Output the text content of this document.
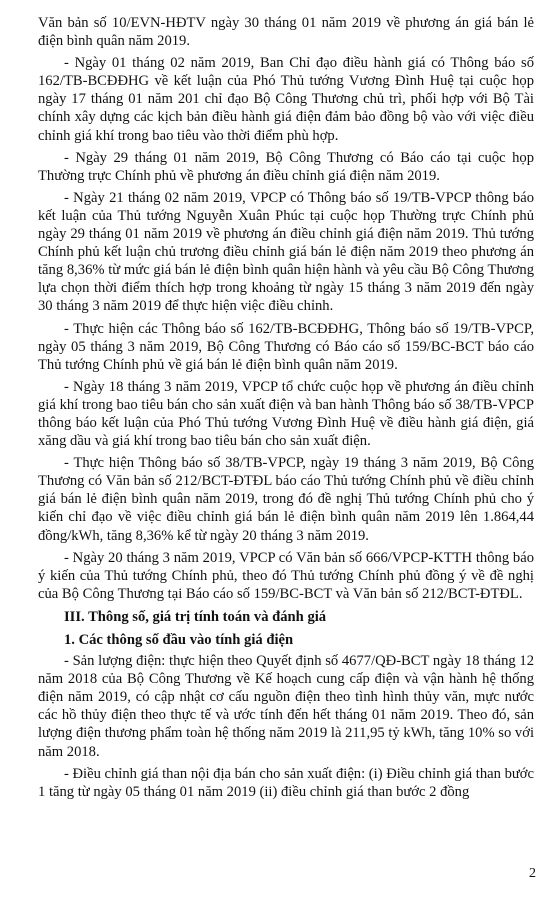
Văn bản số 10/EVN-HĐTV ngày 30 tháng 01 năm 2019 về phương án giá bán lẻ điện bình quân năm 2019.

- Ngày 01 tháng 02 năm 2019, Ban Chỉ đạo điều hành giá có Thông báo số 162/TB-BCĐĐHG về kết luận của Phó Thủ tướng Vương Đình Huệ tại cuộc họp ngày 17 tháng 01 năm 201 chỉ đạo Bộ Công Thương chủ trì, phối hợp với Bộ Tài chính xây dựng các kịch bản điều hành giá điện đảm bảo đồng bộ vào với việc điều chỉnh giá khí trong bao tiêu vào thời điểm phù hợp.

- Ngày 29 tháng 01 năm 2019, Bộ Công Thương có Báo cáo tại cuộc họp Thường trực Chính phủ về phương án điều chỉnh giá điện năm 2019.

- Ngày 21 tháng 02 năm 2019, VPCP có Thông báo số 19/TB-VPCP thông báo kết luận của Thủ tướng Nguyễn Xuân Phúc tại cuộc họp Thường trực Chính phủ ngày 29 tháng 01 năm 2019 về phương án điều chỉnh giá điện năm 2019. Thủ tướng Chính phủ kết luận chủ trương điều chỉnh giá bán lẻ điện năm 2019 theo phương án tăng 8,36% từ mức giá bán lẻ điện bình quân hiện hành và yêu cầu Bộ Công Thương lựa chọn thời điểm thích hợp trong khoảng từ ngày 15 tháng 3 năm 2019 đến ngày 30 tháng 3 năm 2019 để thực hiện việc điều chỉnh.

- Thực hiện các Thông báo số 162/TB-BCĐĐHG, Thông báo số 19/TB-VPCP, ngày 05 tháng 3 năm 2019, Bộ Công Thương có Báo cáo số 159/BC-BCT báo cáo Thủ tướng Chính phủ về giá bán lẻ điện bình quân năm 2019.

- Ngày 18 tháng 3 năm 2019, VPCP tổ chức cuộc họp về phương án điều chỉnh giá khí trong bao tiêu bán cho sản xuất điện và ban hành Thông báo số 38/TB-VPCP thông báo kết luận của Phó Thủ tướng Vương Đình Huệ về điều hành giá điện, giá xăng dầu và giá khí trong bao tiêu bán cho sản xuất điện.

- Thực hiện Thông báo số 38/TB-VPCP, ngày 19 tháng 3 năm 2019, Bộ Công Thương có Văn bản số 212/BCT-ĐTĐL báo cáo Thủ tướng Chính phủ về điều chỉnh giá bán lẻ điện bình quân năm 2019, trong đó đề nghị Thủ tướng Chính phủ cho ý kiến chỉ đạo về việc điều chỉnh giá bán lẻ điện bình quân năm 2019 lên 1.864,44 đồng/kWh, tăng 8,36% kể từ ngày 20 tháng 3 năm 2019.

- Ngày 20 tháng 3 năm 2019, VPCP có Văn bản số 666/VPCP-KTTH thông báo ý kiến của Thủ tướng Chính phủ, theo đó Thủ tướng Chính phủ đồng ý về đề nghị của Bộ Công Thương tại Báo cáo số 159/BC-BCT và Văn bản số 212/BCT-ĐTĐL.

III. Thông số, giá trị tính toán và đánh giá
1. Các thông số đầu vào tính giá điện

- Sản lượng điện: thực hiện theo Quyết định số 4677/QĐ-BCT ngày 18 tháng 12 năm 2018 của Bộ Công Thương về Kế hoạch cung cấp điện và vận hành hệ thống điện năm 2019, có cập nhật cơ cấu nguồn điện theo tình hình thủy văn, mực nước các hồ thủy điện theo thực tế và ước tính đến hết tháng 01 năm 2019. Theo đó, sản lượng điện thương phẩm toàn hệ thống năm 2019 là 211,95 tỷ kWh, tăng 10% so với năm 2018.

- Điều chỉnh giá than nội địa bán cho sản xuất điện: (i) Điều chỉnh giá than bước 1 tăng từ ngày 05 tháng 01 năm 2019 (ii) điều chỉnh giá than bước 2 đồng

2
